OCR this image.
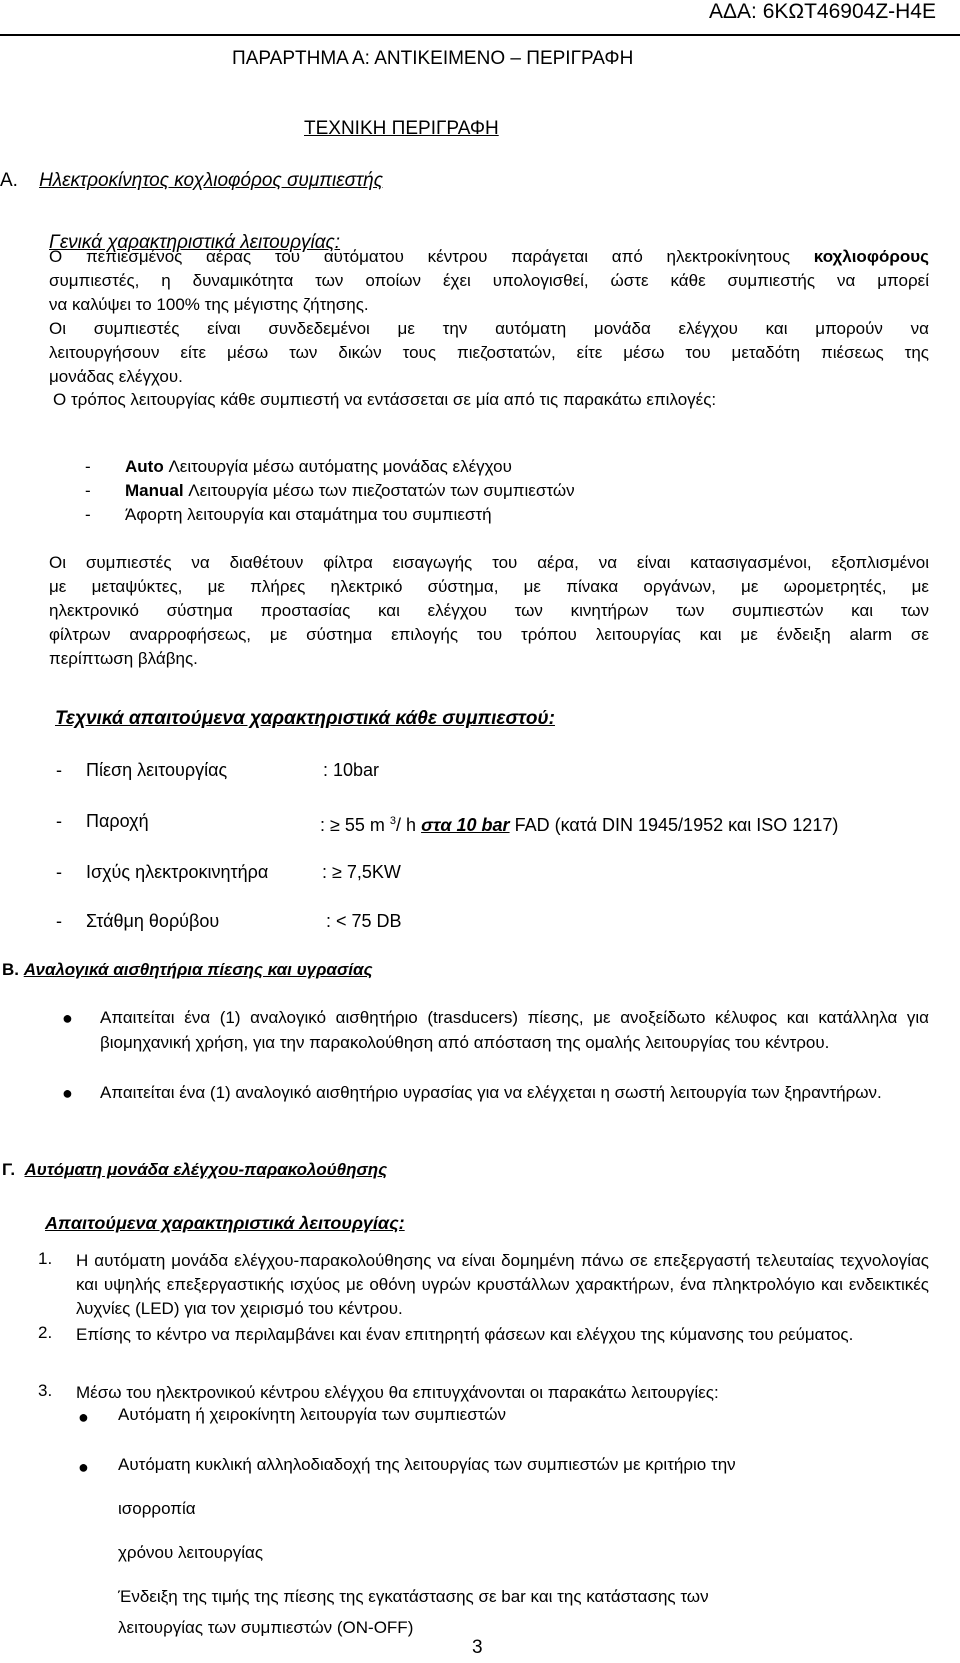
ΑΔΑ: 6ΚΩΤ46904Ζ-Η4Ε
ΠΑΡΑΡΤΗΜΑ Α: ΑΝΤΙΚΕΙΜΕΝΟ – ΠΕΡΙΓΡΑΦΗ
ΤΕΧΝΙΚΗ ΠΕΡΙΓΡΑΦΗ
Α. Ηλεκτροκίνητος κοχλιοφόρος συμπιεστής
Γενικά χαρακτηριστικά λειτουργίας:
Ο πεπιεσμένος αέρας του αυτόματου κέντρου παράγεται από ηλεκτροκίνητους κοχλιοφόρους
συμπιεστές, η δυναμικότητα των οποίων έχει υπολογισθεί, ώστε κάθε συμπιεστής να μπορεί
να καλύψει το 100% της μέγιστης ζήτησης.
Οι συμπιεστές είναι συνδεδεμένοι με την αυτόματη μονάδα ελέγχου και μπορούν να
λειτουργήσουν είτε μέσω των δικών τους πιεζοστατών, είτε μέσω του μεταδότη πιέσεως της
μονάδας ελέγχου.
Ο τρόπος λειτουργίας κάθε συμπιεστή να εντάσσεται σε μία από τις παρακάτω επιλογές:
- Auto Λειτουργία μέσω αυτόματης μονάδας ελέγχου
- Manual Λειτουργία μέσω των πιεζοστατών των συμπιεστών
- Άφορτη λειτουργία και σταμάτημα του συμπιεστή
Οι συμπιεστές να διαθέτουν φίλτρα εισαγωγής του αέρα, να είναι κατασιγασμένοι, εξοπλισμένοι
με μεταψύκτες, με πλήρες ηλεκτρικό σύστημα, με πίνακα οργάνων, με ωρομετρητές, με
ηλεκτρονικό σύστημα προστασίας και ελέγχου των κινητήρων των συμπιεστών και των
φίλτρων αναρροφήσεως, με σύστημα επιλογής του τρόπου λειτουργίας και με ένδειξη alarm σε
περίπτωση βλάβης.
Τεχνικά απαιτούμενα χαρακτηριστικά κάθε συμπιεστού:
- Πίεση λειτουργίας	: 10bar
- Παροχή	: ≥ 55 m $^3$/ h στα 10 bar FAD (κατά DIN 1945/1952 και ISO 1217)
- Ισχύς ηλεκτροκινητήρα	: ≥ 7,5KW
- Στάθμη θορύβου	: < 75 DB
Β. Αναλογικά αισθητήρια πίεσης και υγρασίας
● Απαιτείται ένα (1) αναλογικό αισθητήριο (trasducers) πίεσης, με ανοξείδωτο κέλυφος και κατάλληλα για βιομηχανική χρήση, για την παρακολούθηση από απόσταση της ομαλής λειτουργίας του κέντρου.
● Απαιτείται ένα (1) αναλογικό αισθητήριο υγρασίας για να ελέγχεται η σωστή λειτουργία των ξηραντήρων.
Γ. Αυτόματη μονάδα ελέγχου-παρακολούθησης
Απαιτούμενα χαρακτηριστικά λειτουργίας:
1. Η αυτόματη μονάδα ελέγχου-παρακολούθησης να είναι δομημένη πάνω σε επεξεργαστή τελευταίας τεχνολογίας και υψηλής επεξεργαστικής ισχύος με οθόνη υγρών κρυστάλλων χαρακτήρων, ένα πληκτρολόγιο και ενδεικτικές λυχνίες (LED) για τον χειρισμό του κέντρου.
2. Επίσης το κέντρο να περιλαμβάνει και έναν επιτηρητή φάσεων και ελέγχου της κύμανσης του ρεύματος.
3. Μέσω του ηλεκτρονικού κέντρου ελέγχου θα επιτυγχάνονται οι παρακάτω λειτουργίες:
● Αυτόματη ή χειροκίνητη λειτουργία των συμπιεστών
● Αυτόματη κυκλική αλληλοδιαδοχή της λειτουργίας των συμπιεστών με κριτήριο την
ισορροπία
χρόνου λειτουργίας
Ένδειξη της τιμής της πίεσης της εγκατάστασης σε bar και της κατάστασης των
λειτουργίας των συμπιεστών (ON-OFF)
3
